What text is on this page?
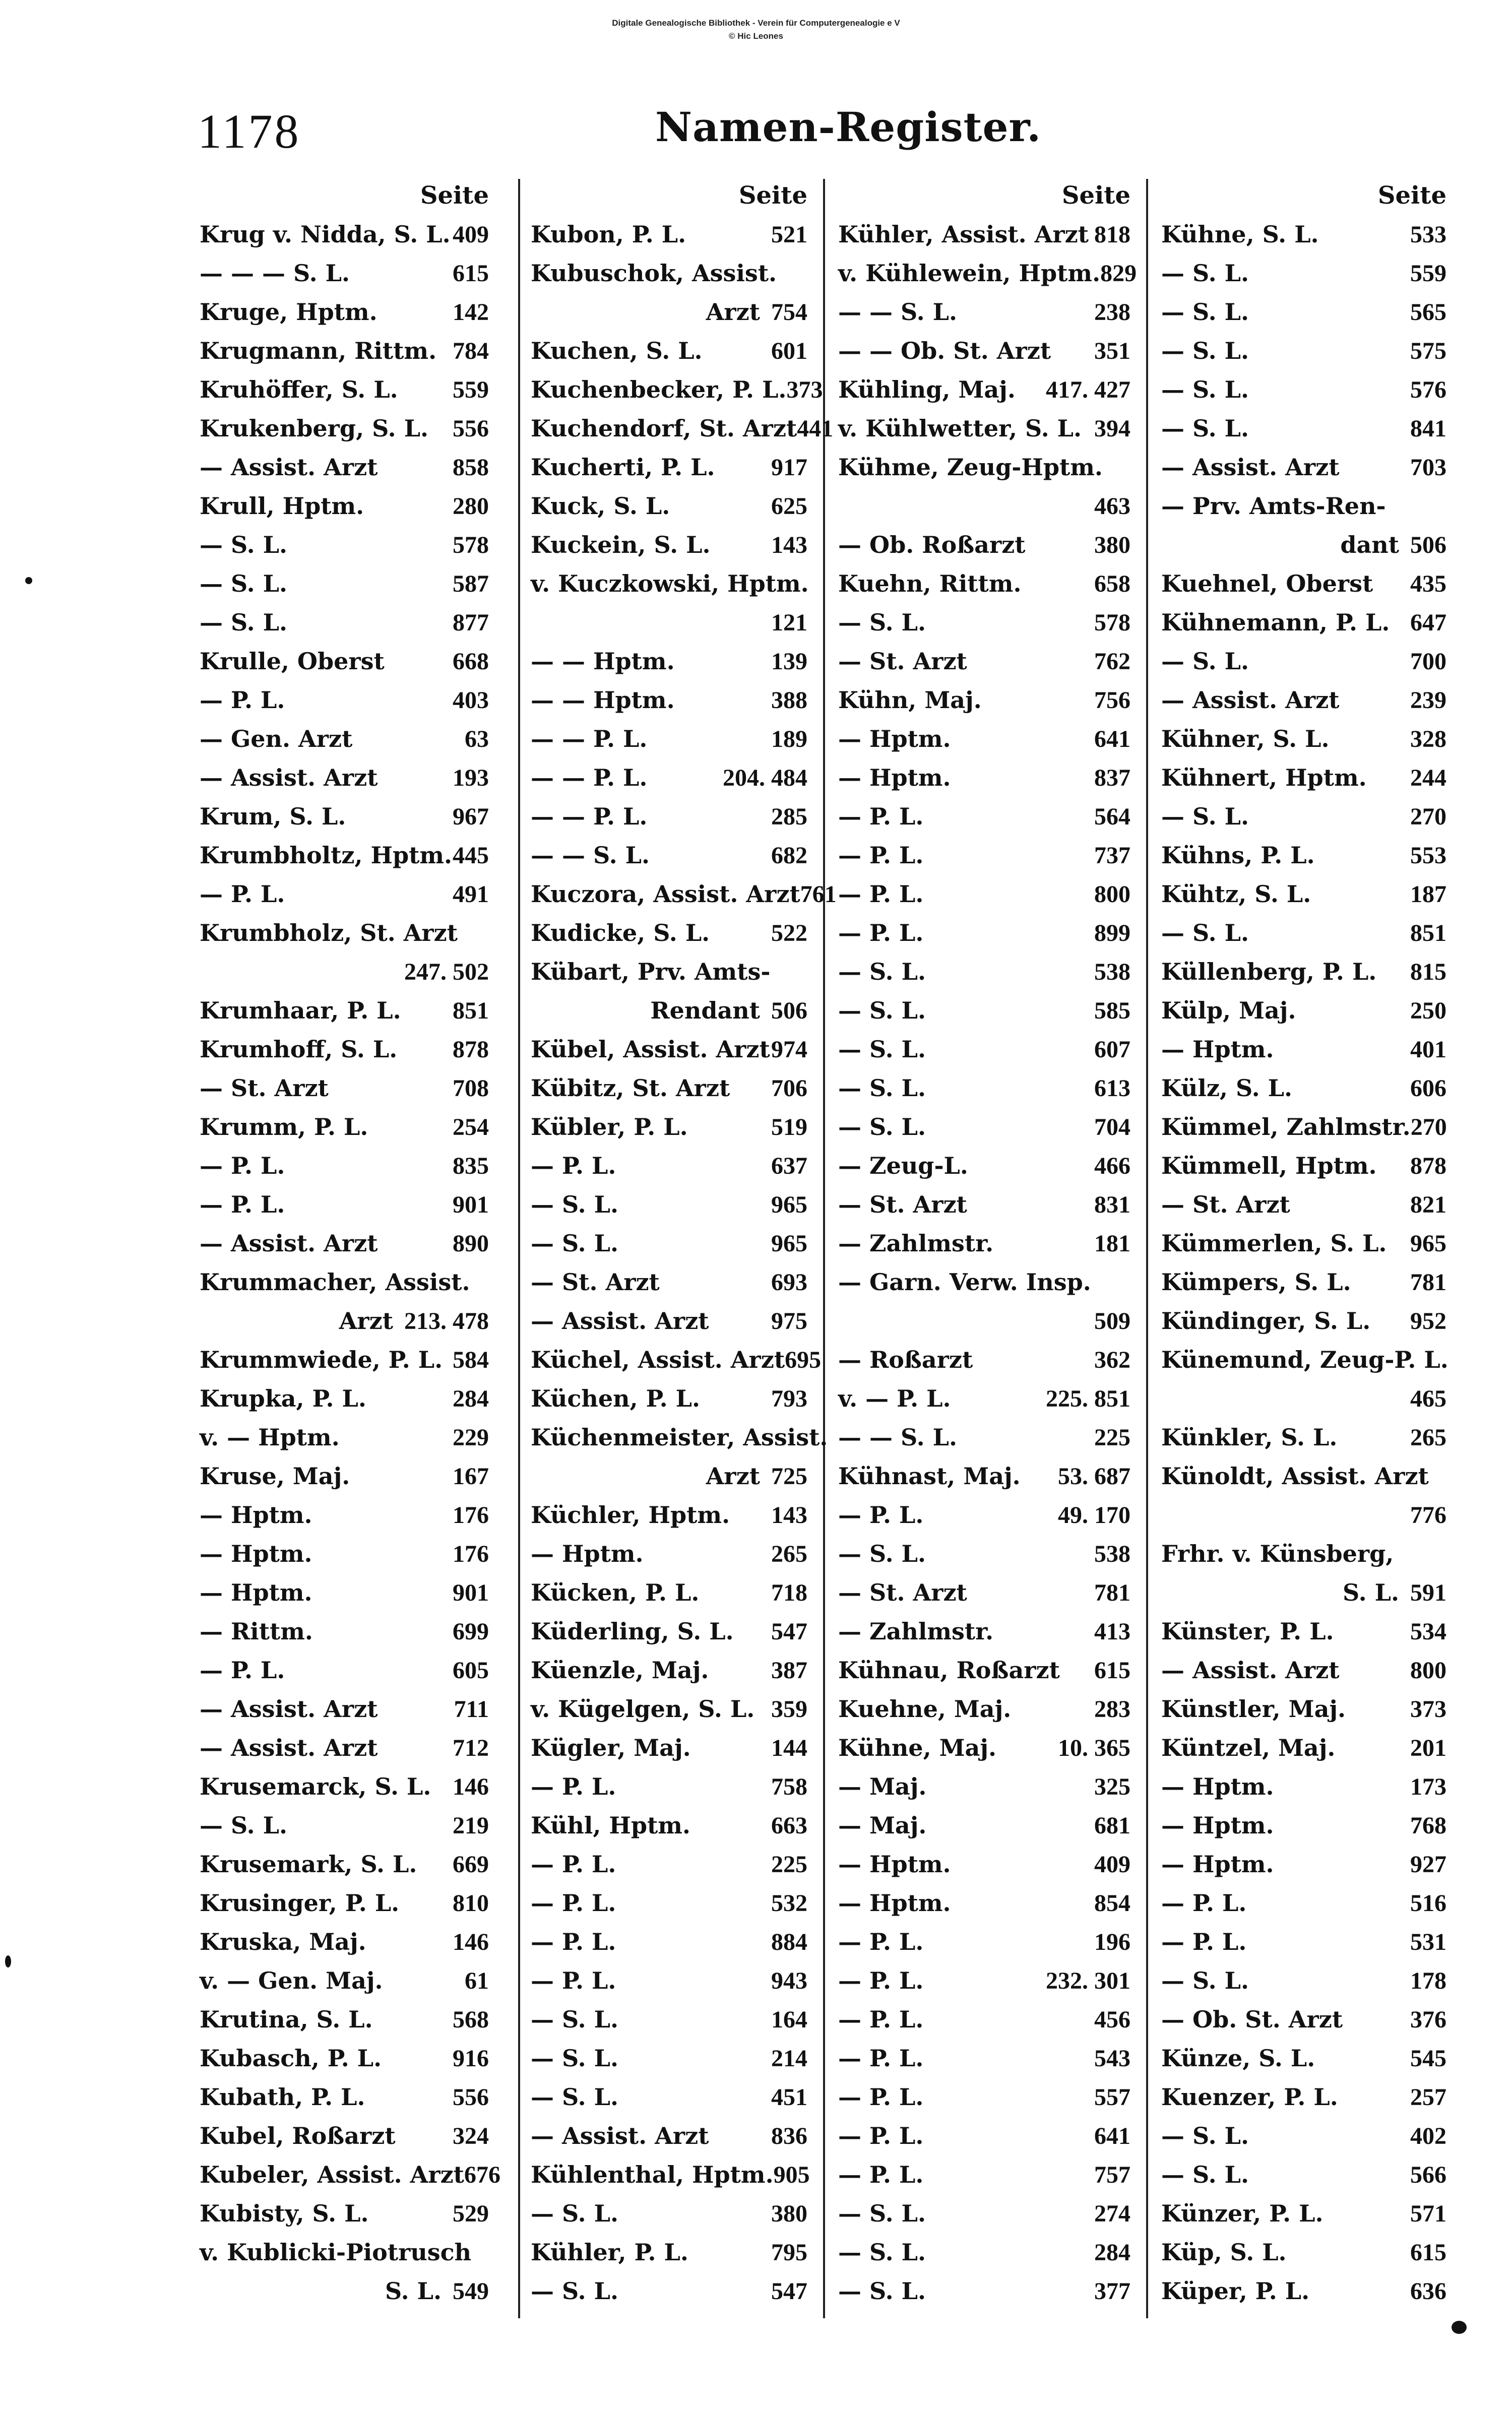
Digitale Genealogische Bibliothek - Verein für Computergenealogie e V
© Hic Leones
1178	Namen-Register.
Seite
Krug v. Nidda, S. L. 409
— — — S. L.	615
Kruge, Hptm.	142
Krugmann, Rittm. 784
Kruhöffer, S. L.	559
Krukenberg, S. L. 556
— Assist. Arzt	858
Krull, Hptm.	280
— S. L.	578
— S. L.	587
— S. L.	877
Krulle, Oberst	668
— P. L.	403
— Gen. Arzt	63
— Assist. Arzt	193
Krum, S. L.	967
Krumbholtz, Hptm. 445
— P. L.	491
Krumbholz, St. Arzt
247. 502
Krumhaar, P. L.	851
Krumhoff, S. L.	878
— St. Arzt	708
Krumm, P. L.	254
— P. L.	835
— P. L.	901
— Assist. Arzt	890
Krummacher, Assist.
Arzt 213. 478
Krummwiede, P. L. 584
Krupka, P. L.	284
v. — Hptm.	229
Kruse, Maj.	167
— Hptm.	176
— Hptm.	176
— Hptm.	901
— Rittm.	699
— P. L.	605
— Assist. Arzt	711
— Assist. Arzt	712
Krusemarck, S. L. 146
— S. L.	219
Krusemark, S. L.	669
Krusinger, P. L.	810
Kruska, Maj.	146
v. — Gen. Maj.	61
Krutina, S. L.	568
Kubasch, P. L.	916
Kubath, P. L.	556
Kubel, Roßarzt	324
Kubeler, Assist. Arzt 676
Kubisty, S. L.	529
v. Kublicki-Piotrusch
S. L. 549
Seite
Kubon, P. L.	521
Kubuschok, Assist.
Arzt 754
Kuchen, S. L.	601
Kuchenbecker, P. L. 373
Kuchendorf, St. Arzt 441
Kucherti, P. L.	917
Kuck, S. L.	625
Kuckein, S. L.	143
v. Kuczkowski, Hptm.
121
— — Hptm.	139
— — Hptm.	388
— — P. L.	189
— — P. L.	204. 484
— — P. L.	285
— — S. L.	682
Kuczora, Assist. Arzt 761
Kudicke, S. L.	522
Kübart, Prv. Amts-
Rendant 506
Kübel, Assist. Arzt 974
Kübitz, St. Arzt	706
Kübler, P. L.	519
— P. L.	637
— S. L.	965
— S. L.	965
— St. Arzt	693
— Assist. Arzt	975
Küchel, Assist. Arzt 695
Küchen, P. L.	793
Küchenmeister, Assist.
Arzt 725
Küchler, Hptm.	143
— Hptm.	265
Kücken, P. L.	718
Küderling, S. L.	547
Küenzle, Maj.	387
v. Kügelgen, S. L. 359
Kügler, Maj.	144
— P. L.	758
Kühl, Hptm.	663
— P. L.	225
— P. L.	532
— P. L.	884
— P. L.	943
— S. L.	164
— S. L.	214
— S. L.	451
— Assist. Arzt	836
Kühlenthal, Hptm. 905
— S. L.	380
Kühler, P. L.	795
— S. L.	547
Seite
Kühler, Assist. Arzt 818
v. Kühlewein, Hptm. 829
— — S. L.	238
— — Ob. St. Arzt	351
Kühling, Maj.	417. 427
v. Kühlwetter, S. L. 394
Kühme, Zeug-Hptm.
463
— Ob. Roßarzt	380
Kuehn, Rittm.	658
— S. L.	578
— St. Arzt	762
Kühn, Maj.	756
— Hptm.	641
— Hptm.	837
— P. L.	564
— P. L.	737
— P. L.	800
— P. L.	899
— S. L.	538
— S. L.	585
— S. L.	607
— S. L.	613
— S. L.	704
— Zeug-L.	466
— St. Arzt	831
— Zahlmstr.	181
— Garn. Verw. Insp.
509
— Roßarzt	362
v. — P. L.	225. 851
— — S. L.	225
Kühnast, Maj.	53. 687
— P. L.	49. 170
— S. L.	538
— St. Arzt	781
— Zahlmstr.	413
Kühnau, Roßarzt	615
Kuehne, Maj.	283
Kühne, Maj.	10. 365
— Maj.	325
— Maj.	681
— Hptm.	409
— Hptm.	854
— P. L.	196
— P. L.	232. 301
— P. L.	456
— P. L.	543
— P. L.	557
— P. L.	641
— P. L.	757
— S. L.	274
— S. L.	284
— S. L.	377
Seite
Kühne, S. L.	533
— S. L.	559
— S. L.	565
— S. L.	575
— S. L.	576
— S. L.	841
— Assist. Arzt	703
— Prv. Amts-Ren-
dant 506
Kuehnel, Oberst	435
Kühnemann, P. L. 647
— S. L.	700
— Assist. Arzt	239
Kühner, S. L.	328
Kühnert, Hptm.	244
— S. L.	270
Kühns, P. L.	553
Kühtz, S. L.	187
— S. L.	851
Küllenberg, P. L.	815
Külp, Maj.	250
— Hptm.	401
Külz, S. L.	606
Kümmel, Zahlmstr. 270
Kümmell, Hptm.	878
— St. Arzt	821
Kümmerlen, S. L. 965
Kümpers, S. L.	781
Kündinger, S. L.	952
Künemund, Zeug-P. L.
465
Künkler, S. L.	265
Künoldt, Assist. Arzt
776
Frhr. v. Künsberg,
S. L. 591
Künster, P. L.	534
— Assist. Arzt	800
Künstler, Maj.	373
Küntzel, Maj.	201
— Hptm.	173
— Hptm.	768
— Hptm.	927
— P. L.	516
— P. L.	531
— S. L.	178
— Ob. St. Arzt	376
Künze, S. L.	545
Kuenzer, P. L.	257
— S. L.	402
— S. L.	566
Künzer, P. L.	571
Küp, S. L.	615
Küper, P. L.	636
